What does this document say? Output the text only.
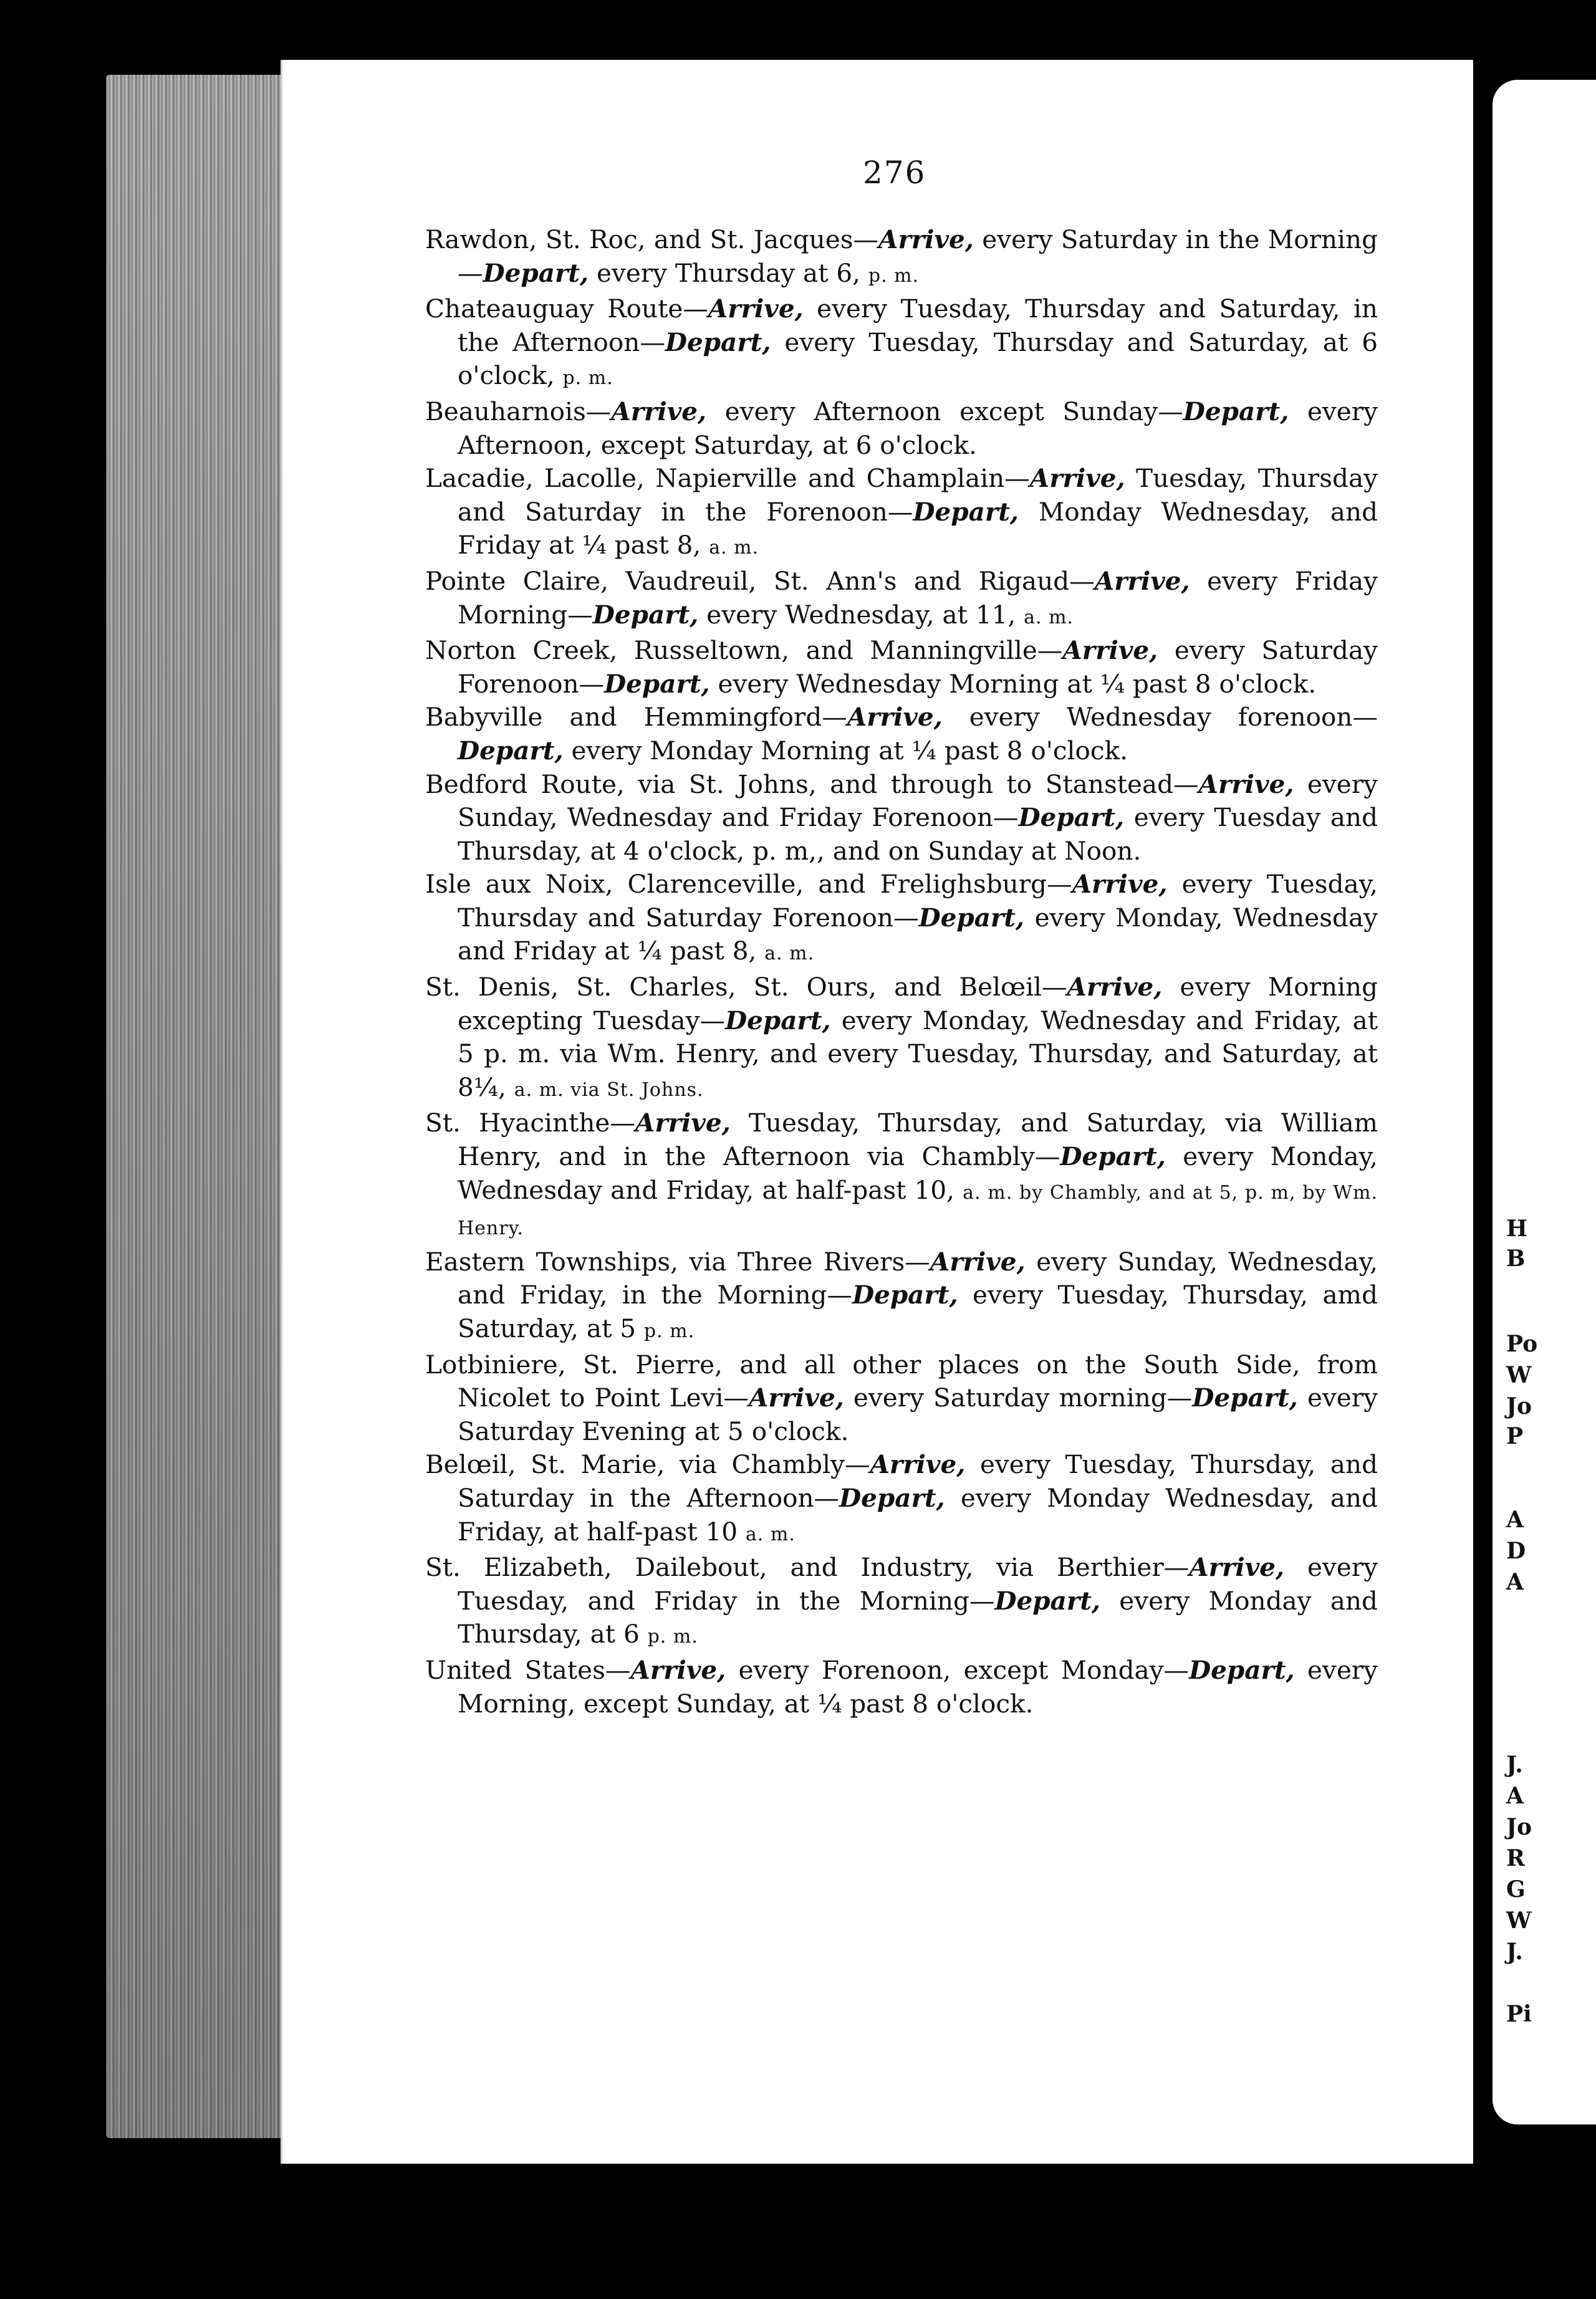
H
B
Po
W
Jo
P
A
D
A
J.
A
Jo
R
G
W
J.
Pi
276

Rawdon, St. Roc, and St. Jacques—Arrive, every Saturday in the Morning—Depart, every Thursday at 6, p. m.

Chateauguay Route—Arrive, every Tuesday, Thursday and Saturday, in the Afternoon—Depart, every Tuesday, Thursday and Saturday, at 6 o'clock, p. m.

Beauharnois—Arrive, every Afternoon except Sunday—Depart, every Afternoon, except Saturday, at 6 o'clock.

Lacadie, Lacolle, Napierville and Champlain—Arrive, Tuesday, Thursday and Saturday in the Forenoon—Depart, Monday Wednesday, and Friday at ¼ past 8, a. m.

Pointe Claire, Vaudreuil, St. Ann's and Rigaud—Arrive, every Friday Morning—Depart, every Wednesday, at 11, a. m.

Norton Creek, Russeltown, and Manningville—Arrive, every Saturday Forenoon—Depart, every Wednesday Morning at ¼ past 8 o'clock.

Babyville and Hemmingford—Arrive, every Wednesday forenoon—Depart, every Monday Morning at ¼ past 8 o'clock.

Bedford Route, via St. Johns, and through to Stanstead—Arrive, every Sunday, Wednesday and Friday Forenoon—Depart, every Tuesday and Thursday, at 4 o'clock, p. m,, and on Sunday at Noon.

Isle aux Noix, Clarenceville, and Frelighsburg—Arrive, every Tuesday, Thursday and Saturday Forenoon—Depart, every Monday, Wednesday and Friday at ¼ past 8, a. m.

St. Denis, St. Charles, St. Ours, and Belœil—Arrive, every Morning excepting Tuesday—Depart, every Monday, Wednesday and Friday, at 5 p. m. via Wm. Henry, and every Tuesday, Thursday, and Saturday, at 8¼, a. m. via St. Johns.

St. Hyacinthe—Arrive, Tuesday, Thursday, and Saturday, via William Henry, and in the Afternoon via Chambly—Depart, every Monday, Wednesday and Friday, at half-past 10, a. m. by Chambly, and at 5, p. m, by Wm. Henry.

Eastern Townships, via Three Rivers—Arrive, every Sunday, Wednesday, and Friday, in the Morning—Depart, every Tuesday, Thursday, amd Saturday, at 5 p. m.

Lotbiniere, St. Pierre, and all other places on the South Side, from Nicolet to Point Levi—Arrive, every Saturday morning—Depart, every Saturday Evening at 5 o'clock.

Belœil, St. Marie, via Chambly—Arrive, every Tuesday, Thursday, and Saturday in the Afternoon—Depart, every Monday Wednesday, and Friday, at half-past 10 a. m.

St. Elizabeth, Dailebout, and Industry, via Berthier—Arrive, every Tuesday, and Friday in the Morning—Depart, every Monday and Thursday, at 6 p. m.

United States—Arrive, every Forenoon, except Monday—Depart, every Morning, except Sunday, at ¼ past 8 o'clock.
